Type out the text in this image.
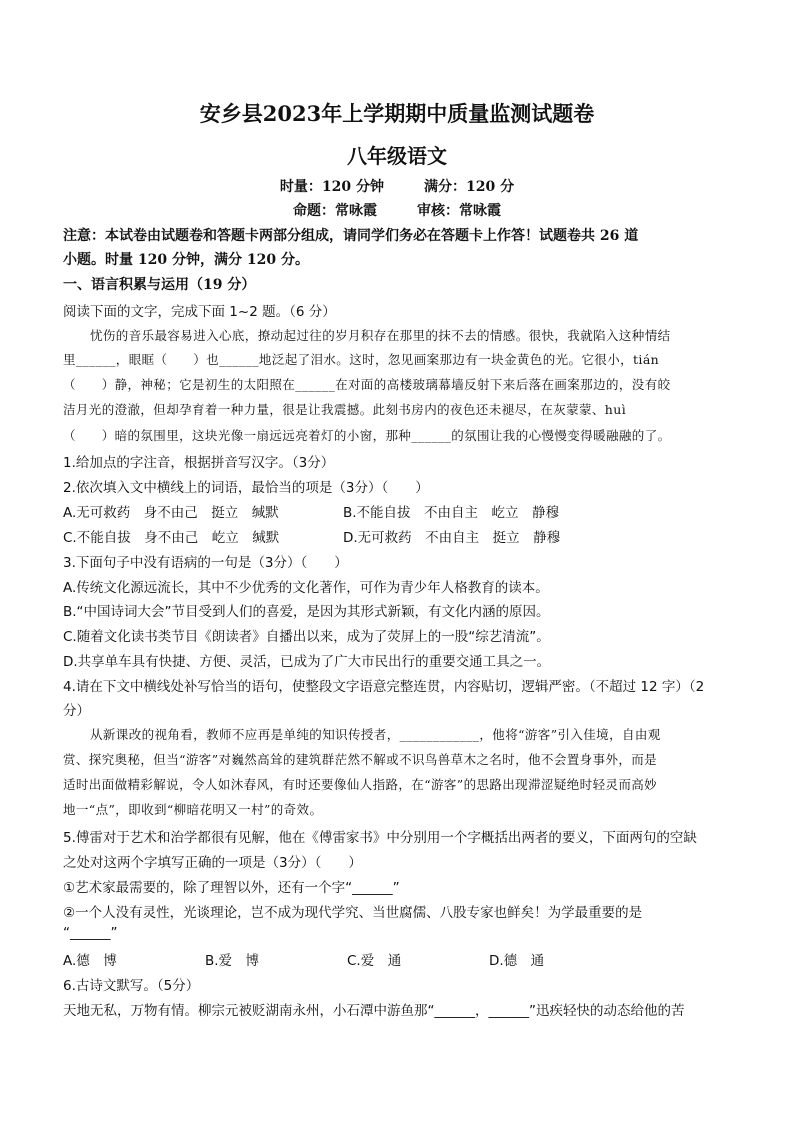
安乡县2023年上学期期中质量监测试题卷
八年级语文
时量：120 分钟	满分：120 分
命题：常咏霞	审核：常咏霞
注意：本试卷由试题卷和答题卡两部分组成，请同学们务必在答题卡上作答！试题卷共 26 道
小题。时量 120 分钟，满分 120 分。
一、语言积累与运用（19 分）
阅读下面的文字，完成下面 1~2 题。（6 分）
忧伤的音乐最容易进入心底，撩动起过往的岁月积存在那里的抹不去的情感。很快，我就陷入这种情结
里______，眼眶（　　）也______地泛起了泪水。这时，忽见画案那边有一块金黄色的光。它很小，tián
（　　）静，神秘；它是初生的太阳照在______在对面的高楼玻璃幕墙反射下来后落在画案那边的，没有皎
洁月光的澄澈，但却孕育着一种力量，很是让我震撼。此刻书房内的夜色还未褪尽，在灰蒙蒙、huì
（　　）暗的氛围里，这块光像一扇远远亮着灯的小窗，那种______的氛围让我的心慢慢变得暖融融的了。
1.给加点的字注音，根据拼音写汉字。（3分）
2.依次填入文中横线上的词语，最恰当的项是（3分）（　　）
A.无可救药　身不由己　挺立　缄默	B.不能自拔　不由自主　屹立　静穆
C.不能自拔　身不由己　屹立　缄默	D.无可救药　不由自主　挺立　静穆
3.下面句子中没有语病的一句是（3分）（　　）
A.传统文化源远流长，其中不少优秀的文化著作，可作为青少年人格教育的读本。
B.“中国诗词大会”节目受到人们的喜爱，是因为其形式新颖，有文化内涵的原因。
C.随着文化读书类节目《朗读者》自播出以来，成为了荧屏上的一股“综艺清流”。
D.共享单车具有快捷、方便、灵活，已成为了广大市民出行的重要交通工具之一。
4.请在下文中横线处补写恰当的语句，使整段文字语意完整连贯，内容贴切，逻辑严密。（不超过 12 字）（2
分）
从新课改的视角看，教师不应再是单纯的知识传授者，____________，他将“游客”引入佳境，自由观
赏、探究奥秘，但当“游客”对巍然高耸的建筑群茫然不解或不识鸟兽草木之名时，他不会置身事外，而是
适时出面做精彩解说，令人如沐春风，有时还要像仙人指路，在“游客”的思路出现滞涩疑绝时轻灵而高妙
地一“点”，即收到“柳暗花明又一村”的奇效。
5.傅雷对于艺术和治学都很有见解，他在《傅雷家书》中分别用一个字概括出两者的要义，下面两句的空缺
之处对这两个字填写正确的一项是（3分）（　　）
①艺术家最需要的，除了理智以外，还有一个字“______”
②一个人没有灵性，光谈理论，岂不成为现代学究、当世腐儒、八股专家也鲜矣！为学最重要的是
“______”
A.德　博	B.爱　博	C.爱　通	D.德　通
6.古诗文默写。（5分）
天地无私，万物有情。柳宗元被贬湖南永州，小石潭中游鱼那“______，______”迅疾轻快的动态给他的苦
